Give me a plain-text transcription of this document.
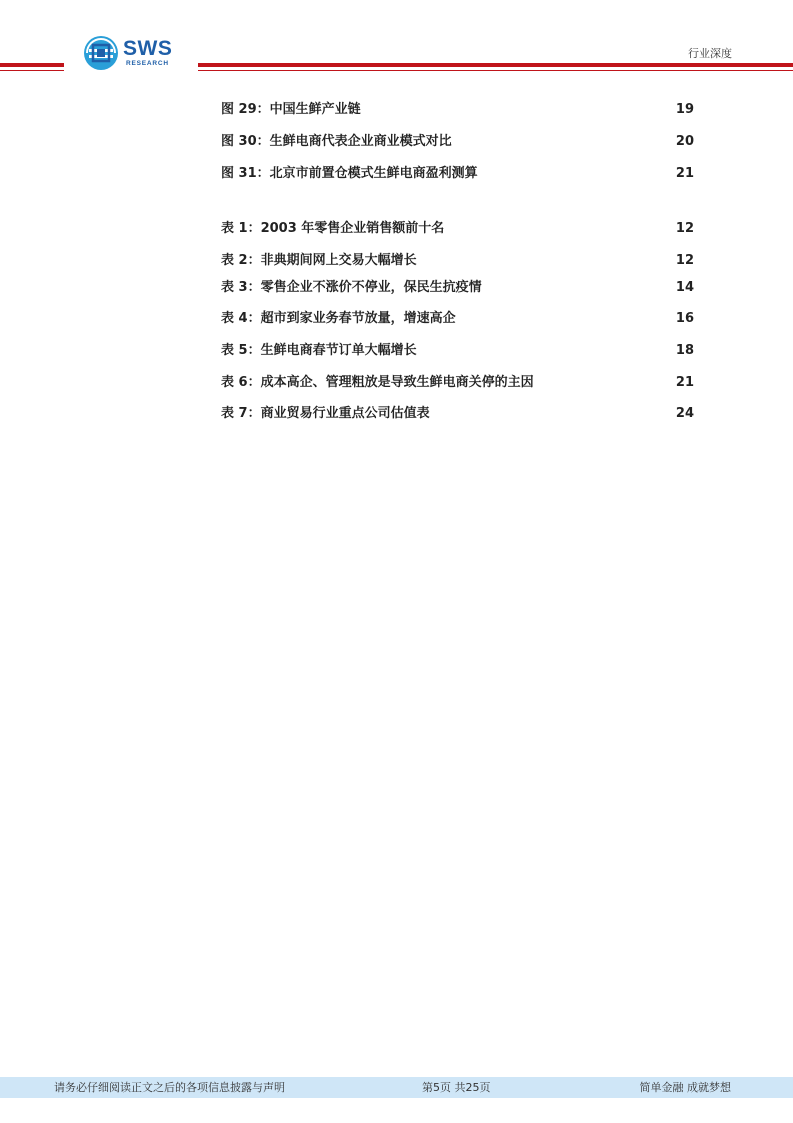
SWS
RESEARCH
行业深度
图 29：中国生鲜产业链	19
图 30：生鲜电商代表企业商业模式对比	20
图 31：北京市前置仓模式生鲜电商盈利测算	21
表 1：2003 年零售企业销售额前十名	12
表 2：非典期间网上交易大幅增长	12
表 3：零售企业不涨价不停业，保民生抗疫情	14
表 4：超市到家业务春节放量，增速高企	16
表 5：生鲜电商春节订单大幅增长	18
表 6：成本高企、管理粗放是导致生鲜电商关停的主因	21
表 7：商业贸易行业重点公司估值表	24
请务必仔细阅读正文之后的各项信息披露与声明	第5页 共25页	简单金融 成就梦想
